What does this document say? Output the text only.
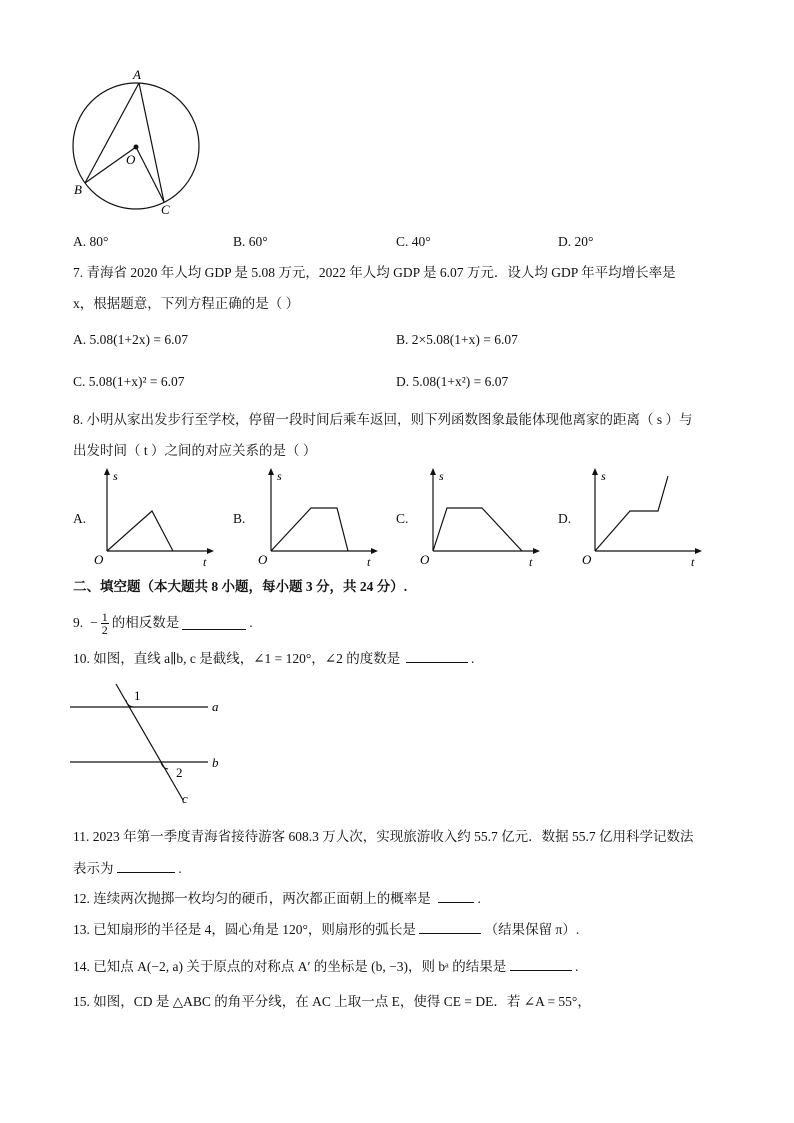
A
O
B
C
A. 80°	B. 60°	C. 40°	D. 20°
7. 青海省 2020 年人均 GDP 是 5.08 万元，2022 年人均 GDP 是 6.07 万元．设人均 GDP 年平均增长率是
x，根据题意，下列方程正确的是（ ）
A. 5.08(1+2x) = 6.07	B. 2×5.08(1+x) = 6.07
C. 5.08(1+x)² = 6.07	D. 5.08(1+x²) = 6.07
8. 小明从家出发步行至学校，停留一段时间后乘车返回，则下列函数图象最能体现他离家的距离（ s ）与
出发时间（ t ）之间的对应关系的是（ ）
A.
s
t
O
B.
s
t
O
C.
s
t
O
D.
s
t
O
二、填空题（本大题共 8 小题，每小题 3 分，共 24 分）.
9. − $\frac{1}{2}$ 的相反数是	.
10. 如图，直线 a∥b, c 是截线，∠1 = 120°，∠2 的度数是	.
1
2
a
b
c
11. 2023 年第一季度青海省接待游客 608.3 万人次，实现旅游收入约 55.7 亿元．数据 55.7 亿用科学记数法
表示为	.
12. 连续两次抛掷一枚均匀的硬币，两次都正面朝上的概率是	.
13. 已知扇形的半径是 4，圆心角是 120°，则扇形的弧长是	（结果保留 π）.
14. 已知点 A(−2, a) 关于原点的对称点 A′ 的坐标是 (b, −3)，则 bᵃ 的结果是	.
15. 如图，CD 是 △ABC 的角平分线，在 AC 上取一点 E，使得 CE = DE．若 ∠A = 55°，
